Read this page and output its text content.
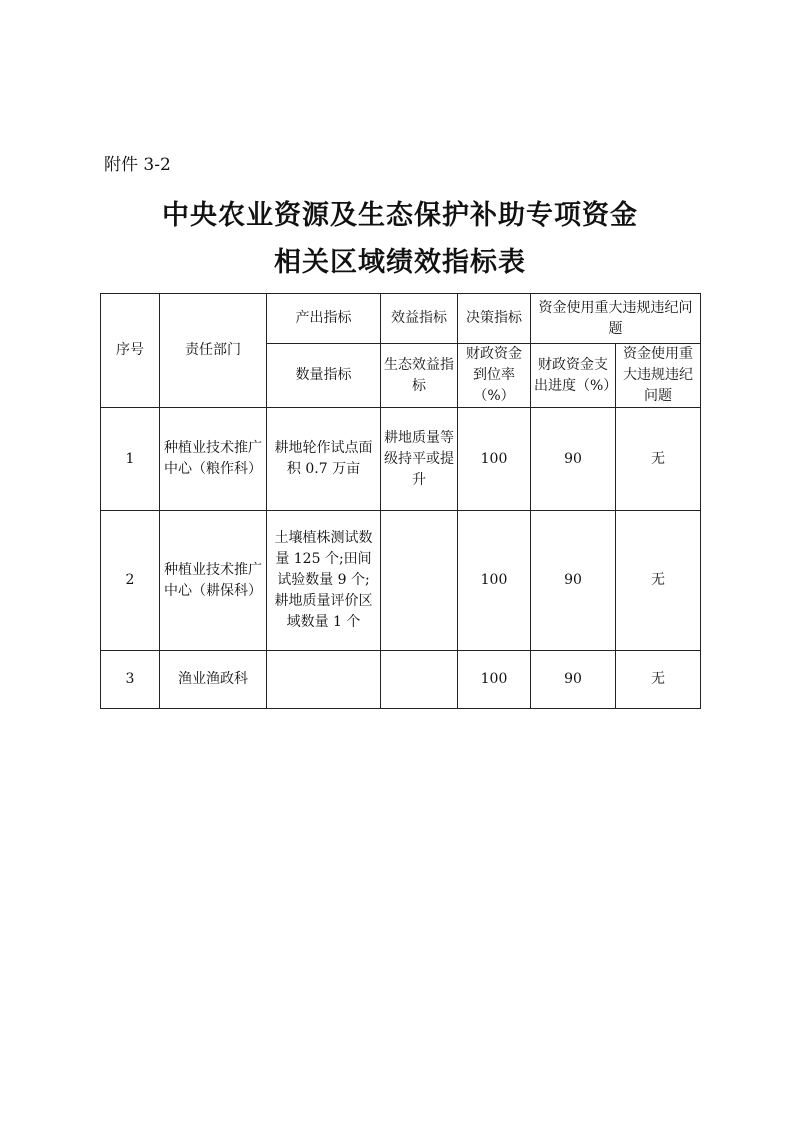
附件 3-2
中央农业资源及生态保护补助专项资金
相关区域绩效指标表
序号	责任部门	产出指标	效益指标	决策指标	资金使用重大违规违纪问题	
		数量指标	生态效益指标	财政资金到位率（%）	财政资金支出进度（%）	资金使用重大违规违纪问题
1	种植业技术推广中心（粮作科）	耕地轮作试点面积 0.7 万亩	耕地质量等级持平或提升	100	90	无
2	种植业技术推广中心（耕保科）	土壤植株测试数量 125 个;田间试验数量 9 个; 耕地质量评价区域数量 1 个		100	90	无
3	渔业渔政科			100	90	无
